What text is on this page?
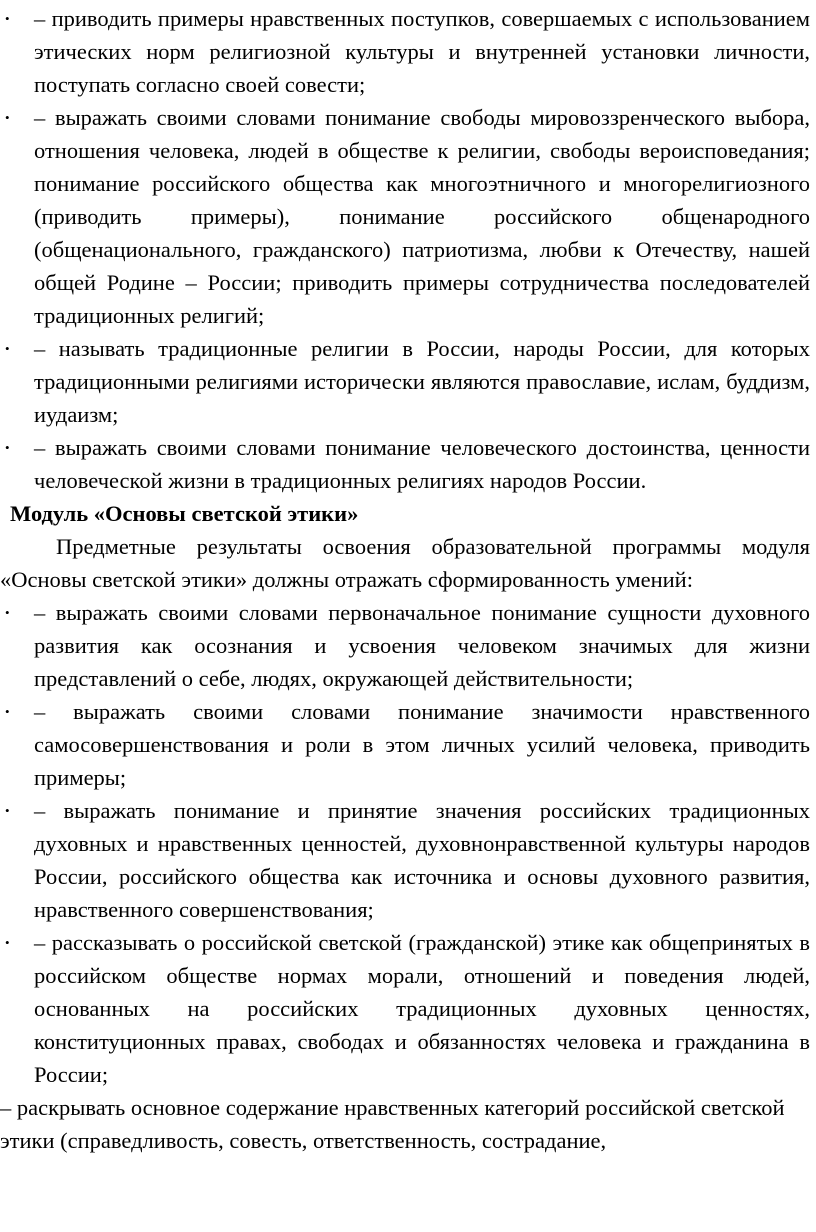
• – приводить примеры нравственных поступков, совершаемых с использованием этических норм религиозной культуры и внутренней установки личности, поступать согласно своей совести;
• – выражать своими словами понимание свободы мировоззренческого выбора, отношения человека, людей в обществе к религии, свободы вероисповедания; понимание российского общества как многоэтничного и многорелигиозного (приводить примеры), понимание российского общенародного (общенационального, гражданского) патриотизма, любви к Отечеству, нашей общей Родине – России; приводить примеры сотрудничества последователей традиционных религий;
• – называть традиционные религии в России, народы России, для которых традиционными религиями исторически являются православие, ислам, буддизм, иудаизм;
• – выражать своими словами понимание человеческого достоинства, ценности человеческой жизни в традиционных религиях народов России.

Модуль «Основы светской этики»

Предметные результаты освоения образовательной программы модуля «Основы светской этики» должны отражать сформированность умений:

• – выражать своими словами первоначальное понимание сущности духовного развития как осознания и усвоения человеком значимых для жизни представлений о себе, людях, окружающей действительности;
• – выражать своими словами понимание значимости нравственного самосовершенствования и роли в этом личных усилий человека, приводить примеры;
• – выражать понимание и принятие значения российских традиционных духовных и нравственных ценностей, духовнонравственной культуры народов России, российского общества как источника и основы духовного развития, нравственного совершенствования;
• – рассказывать о российской светской (гражданской) этике как общепринятых в российском обществе нормах морали, отношений и поведения людей, основанных на российских традиционных духовных ценностях, конституционных правах, свободах и обязанностях человека и гражданина в России;

– раскрывать основное содержание нравственных категорий российской светской этики (справедливость, совесть, ответственность, сострадание,
